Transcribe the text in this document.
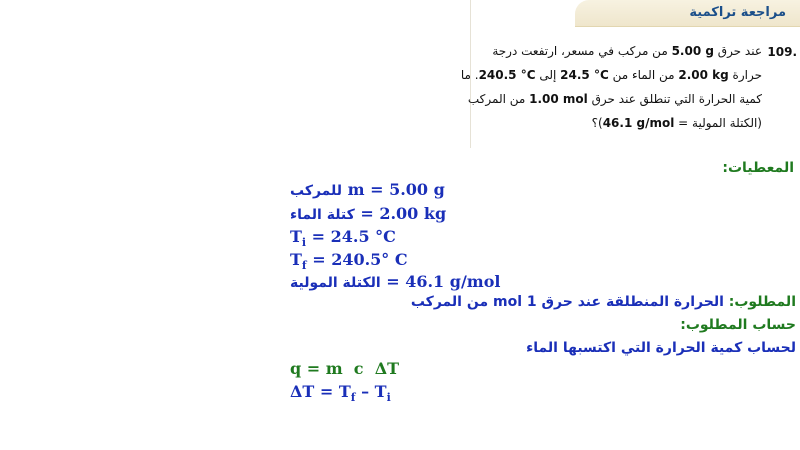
مراجعة تراكمية
109.
عند حرق 5.00 g من مركب في مسعر، ارتفعت درجة
حرارة 2.00 kg من الماء من 24.5 °C إلى 240.5 °C. ما
كمية الحرارة التي تنطلق عند حرق 1.00 mol من المركب
(الكتلة المولية = 46.1 g/mol)؟
المعطيات:
للمركب m = 5.00 g
كتلة الماء = 2.00 kg
$T_i = 24.5$ °C
$T_f = 240.5^\circ$ C
الكتلة المولية = 46.1 g/mol
المطلوب: الحرارة المنطلقة عند حرق 1 mol من المركب
حساب المطلوب:
لحساب كمية الحرارة التي اكتسبها الماء
q = m  c  ΔT
$\Delta T = T_f - T_i$
